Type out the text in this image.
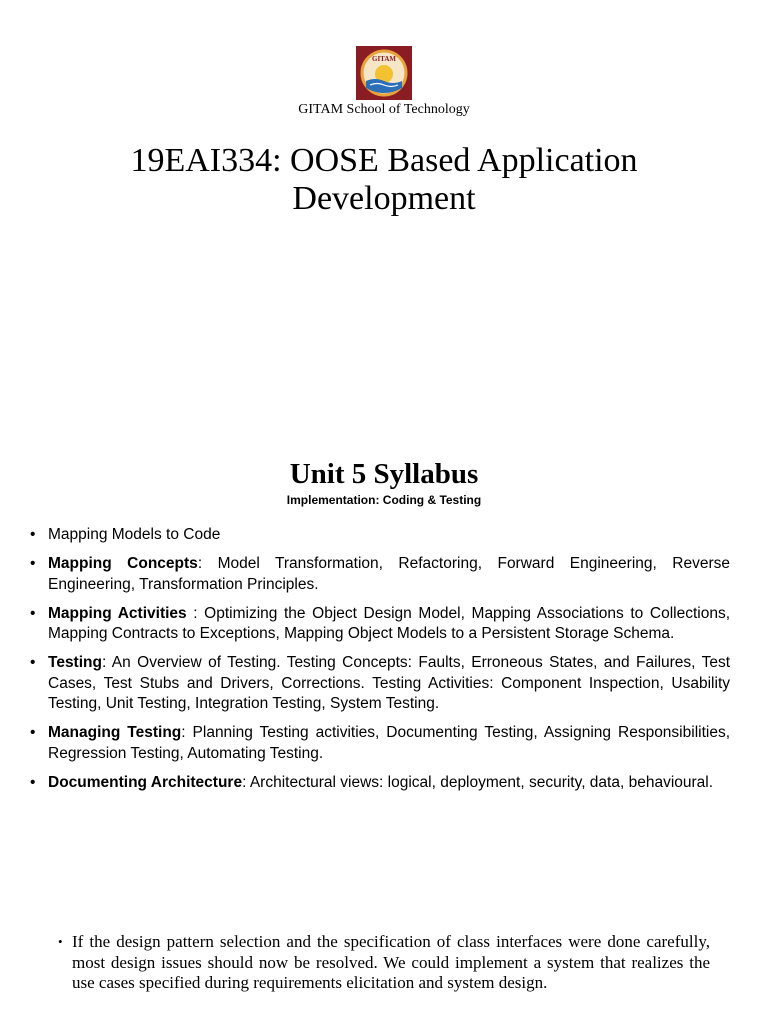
GITAM
GITAM School of Technology
19EAI334: OOSE Based Application Development
Unit 5 Syllabus
Implementation: Coding & Testing
• Mapping Models to Code
• Mapping Concepts: Model Transformation, Refactoring, Forward Engineering, Reverse Engineering, Transformation Principles.
• Mapping Activities : Optimizing the Object Design Model, Mapping Associations to Collections, Mapping Contracts to Exceptions, Mapping Object Models to a Persistent Storage Schema.
• Testing: An Overview of Testing. Testing Concepts: Faults, Erroneous States, and Failures, Test Cases, Test Stubs and Drivers, Corrections. Testing Activities: Component Inspection, Usability Testing, Unit Testing, Integration Testing, System Testing.
• Managing Testing: Planning Testing activities, Documenting Testing, Assigning Responsibilities, Regression Testing, Automating Testing.
• Documenting Architecture: Architectural views: logical, deployment, security, data, behavioural.
• If the design pattern selection and the specification of class interfaces were done carefully, most design issues should now be resolved. We could implement a system that realizes the use cases specified during requirements elicitation and system design.
